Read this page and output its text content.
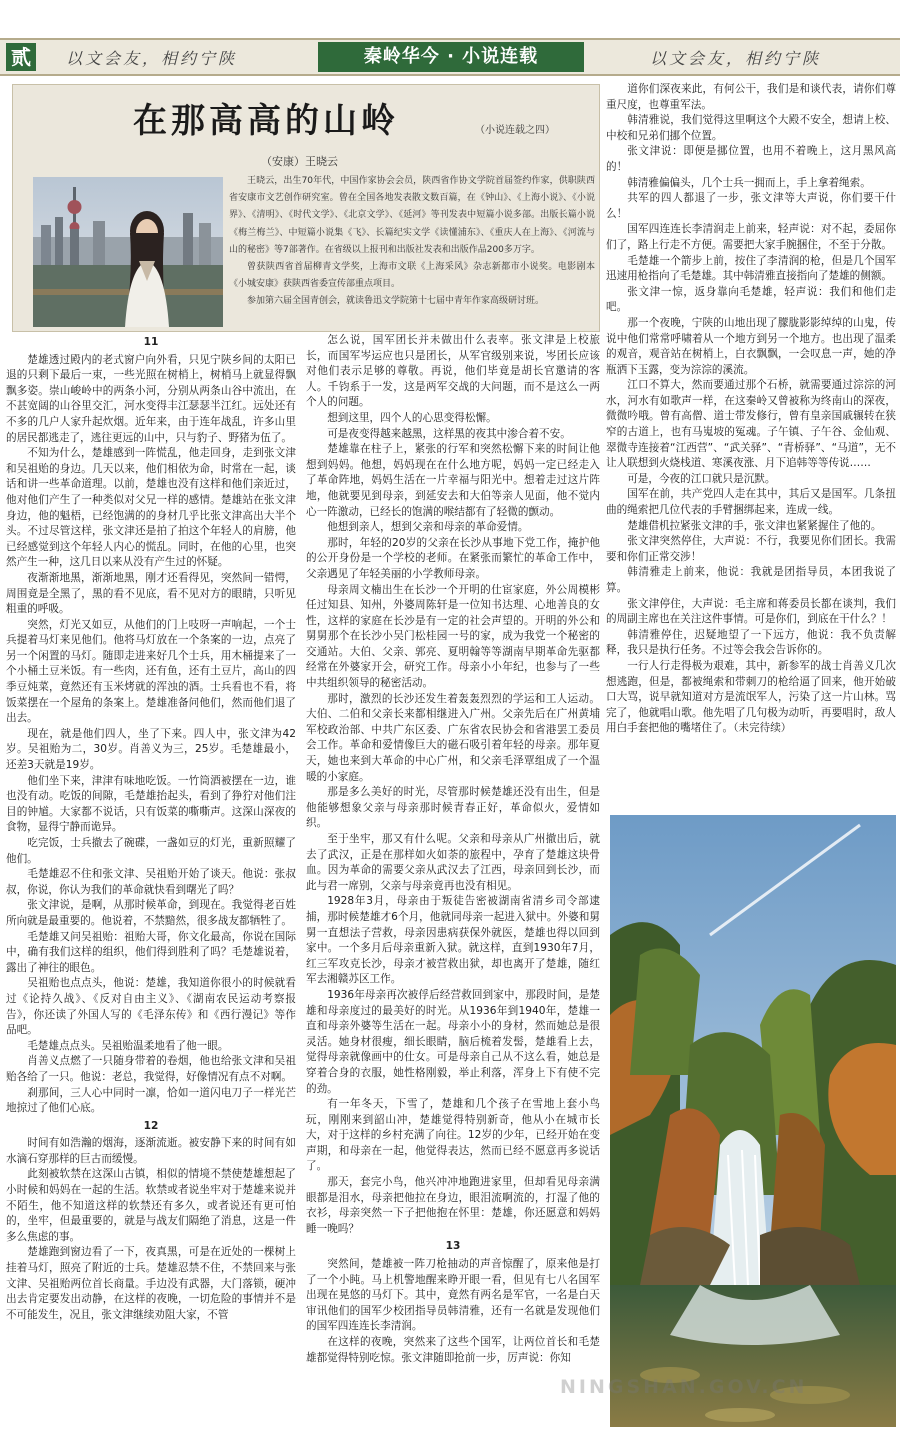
贰	以文会友，相约宁陕	秦岭华今 · 小说连载	以文会友，相约宁陕
在那高高的山岭	（小说连载之四）
（安康）王晓云

王晓云，出生70年代，中国作家协会会员，陕西省作协文学院首届签约作家，供职陕西省安康市文艺创作研究室。曾在全国各地发表散文数百篇，在《钟山》、《上海小说》、《小说界》、《清明》、《时代文学》、《北京文学》、《延河》等刊发表中短篇小说多部。出版长篇小说《梅兰梅兰》、中短篇小说集《飞》、长篇纪实文学《读懂浦东》、《重庆人在上海》、《河流与山的秘密》等7部著作。在省级以上报刊和出版社发表和出版作品200多万字。

曾获陕西省首届柳青文学奖，上海市文联《上海采风》杂志新都市小说奖。电影剧本《小城安康》获陕西省委宣传部重点项目。

参加第六届全国青创会，就读鲁迅文学院第十七届中青年作家高级研讨班。

11

楚雄透过殿内的老式窗户向外看，只见宁陕乡间的太阳已退的只剩下最后一束，一些光照在树梢上，树梢马上就显得飘飘多姿。崇山峻岭中的两条小河，分别从两条山谷中流出，在不甚宽阔的山谷里交汇，河水变得丰江瑟瑟半江红。远处还有不多的几户人家升起炊烟。近年来，由于连年战乱，许多山里的居民都逃走了，逃往更远的山中，只与豹子、野猪为伍了。

不知为什么，楚雄感到一阵慌乱，他走回身，走到张文津和吴祖贻的身边。几天以来，他们相依为命，时常在一起，谈话和讲一些革命道理。以前，楚雄也没有这样和他们亲近过，他对他们产生了一种类似对父兄一样的感情。楚雄站在张文津身边，他的魁梧，已经饱满的的身材几乎比张文津高出大半个头。不过尽管这样，张文津还是拍了拍这个年轻人的肩膀，他已经感觉到这个年轻人内心的慌乱。同时，在他的心里，也突然产生一种，这几日以来从没有产生过的怀疑。

夜渐渐地黑，渐渐地黑，刚才还看得见，突然间一错愕，周围竟是全黑了，黑的看不见底，看不见对方的眼睛，只听见粗重的呼吸。

突然，灯光又如豆，从他们的门上吱呀一声响起，一个士兵提着马灯来见他们。他将马灯放在一个条案的一边，点亮了另一个闲置的马灯。随即走进来好几个士兵，用木桶提来了一个小桶土豆米饭。有一些肉，还有鱼，还有土豆片，高山的四季豆炖菜，竟然还有玉米烤就的浑浊的酒。士兵看也不看，将饭菜摆在一个屋角的条案上。楚雄准备问他们，然而他们退了出去。

现在，就是他们四人，坐了下来。四人中，张文津为42岁。吴祖贻为二，30岁。肖善义为三，25岁。毛楚雄最小，还差3天就是19岁。

他们坐下来，津津有味地吃饭。一竹筒酒被摆在一边，谁也没有动。吃饭的间隙，毛楚雄抬起头，看到了狰狞对他们注目的钟馗。大家都不说话，只有饭菜的嘶嘶声。这深山深夜的食物，显得宁静而诡异。

吃完饭，士兵撤去了碗碟，一盏如豆的灯光，重新照耀了他们。

毛楚雄忍不住和张文津、吴祖贻开始了谈天。他说：张叔叔，你说，你认为我们的革命就快看到曙光了吗？

张文津说，是啊，从那时候革命，到现在。我觉得老百姓所向就是最重要的。他说着，不禁黯然，很多战友都牺牲了。

毛楚雄又问吴祖贻：祖贻大哥，你文化最高，你说在国际中，确有我们这样的组织，他们得到胜利了吗？毛楚雄说着，露出了神往的眼色。

吴祖贻也点点头，他说：楚雄，我知道你很小的时候就看过《论持久战》、《反对自由主义》、《湖南农民运动考察报告》，你还读了外国人写的《毛泽东传》和《西行漫记》等作品吧。

毛楚雄点点头。吴祖贻温柔地看了他一眼。

肖善义点燃了一只随身带着的卷烟，他也给张文津和吴祖贻各给了一只。他说：老总，我觉得，好像情况有点不对啊。

刹那间，三人心中同时一凛，恰如一道闪电刀子一样光芒地掠过了他们心底。

12

时间有如浩瀚的烟海，逐渐流逝。被安静下来的时间有如水滴石穿那样的巨古而缓慢。

此刻被软禁在这深山古镇，相似的情境不禁使楚雄想起了小时候和妈妈在一起的生活。软禁或者说坐牢对于楚雄来说并不陌生，他不知道这样的软禁还有多久，或者说还有更可怕的，坐牢，但最重要的，就是与战友们隔绝了消息，这是一件多么焦虑的事。

楚雄跑到窗边看了一下，夜真黑，可是在近处的一棵树上挂着马灯，照亮了附近的士兵。楚雄忍禁不住，不禁回来与张文津、吴祖贻两位首长商量。手边没有武器，大门落锁，硬冲出去肯定要发出动静，在这样的夜晚，一切危险的事情并不是不可能发生，况且，张文津继续劝阻大家，不管

怎么说，国军团长并未做出什么表率。张文津是上校旅长，而国军岑运应也只是团长，从军官级别来说，岑团长应该对他们表示足够的尊敬。再说，他们毕竟是胡长官邀请的客人。千钧系于一发，这是两军交战的大问题，而不是这么一两个人的问题。

想到这里，四个人的心思变得松懈。

可是夜变得越来越黑，这样黑的夜其中渗合着不安。

楚雄靠在柱子上，紧张的行军和突然松懈下来的时间让他想到妈妈。他想，妈妈现在在什么地方呢，妈妈一定已经走入了革命阵地，妈妈生活在一片幸福与阳光中。想着走过这片阵地，他就要见到母亲，到延安去和大伯等亲人见面，他不觉内心一阵激动，已经长的饱满的喉结都有了轻微的颤动。

他想到亲人，想到父亲和母亲的革命爱情。

那时，年轻的20岁的父亲在长沙从事地下党工作，掩护他的公开身份是一个学校的老师。在紧张而繁忙的革命工作中，父亲遇见了年轻美丽的小学教师母亲。

母亲周文楠出生在长沙一个开明的仕宦家庭，外公周模彬任过知县、知州，外婆周陈轩是一位知书达理、心地善良的女性，这样的家庭在长沙是有一定的社会声望的。开明的外公和舅舅那个在长沙小吴门松桂园一号的家，成为我党一个秘密的交通站。大伯、父亲、郭亮、夏明翰等等湖南早期革命先驱都经常在外婆家开会，研究工作。母亲小小年纪，也参与了一些中共组织领导的秘密活动。

那时，激烈的长沙还发生着轰轰烈烈的学运和工人运动。大伯、二伯和父亲长来都相继进入广州。父亲先后在广州黄埔军校政治部、中共广东区委、广东省农民协会和省港罢工委员会工作。革命和爱情像巨大的磁石吸引着年轻的母亲。那年夏天，她也来到大革命的中心广州，和父亲毛泽覃组成了一个温暖的小家庭。

那是多么美好的时光，尽管那时候楚雄还没有出生，但是他能够想象父亲与母亲那时候青春正好，革命似火，爱情如织。

至于坐牢，那又有什么呢。父亲和母亲从广州撤出后，就去了武汉，正是在那样如火如荼的旅程中，孕育了楚雄这块骨血。因为革命的需要父亲从武汉去了江西，母亲回到长沙，而此与君一席别，父亲与母亲竟再也没有相见。

1928年3月，母亲由于叛徒告密被湖南省清乡司令部逮捕，那时候楚雄才6个月，他就同母亲一起进入狱中。外婆和舅舅一直想法子营救，母亲因患病获保外就医，楚雄也得以回到家中。一个多月后母亲重新入狱。就这样，直到1930年7月，红三军攻克长沙，母亲才被营救出狱，却也离开了楚雄，随红军去湘赣苏区工作。

1936年母亲再次被俘后经营救回到家中，那段时间，是楚雄和母亲度过的最美好的时光。从1936年到1940年，楚雄一直和母亲外婆等生活在一起。母亲小小的身材，然而她总是很灵活。她身材很瘦，细长眼睛，脑后梳着发髻，楚雄看上去，觉得母亲就像画中的仕女。可是母亲自己从不这么看，她总是穿着合身的衣服，她性格刚毅，举止利落，浑身上下有使不完的劲。

有一年冬天，下雪了，楚雄和几个孩子在雪地上套小鸟玩，刚刚来到韶山冲，楚雄觉得特别新奇，他从小在城市长大，对于这样的乡村充满了向往。12岁的少年，已经开始在变声期，和母亲在一起，他觉得表达，然而已经不愿意再多说话了。

那天，套完小鸟，他兴冲冲地跑进家里，但却看见母亲满眼都是泪水，母亲把他拉在身边，眼泪流啊流的，打湿了他的衣衫，母亲突然一下子把他抱在怀里：楚雄，你还愿意和妈妈睡一晚吗？

13

突然间，楚雄被一阵刀枪抽动的声音惊醒了，原来他是打了一个小盹。马上机警地醒来睁开眼一看，但见有七八名国军出现在晃悠的马灯下。其中，竟然有两名是军官，一名是白天审讯他们的国军少校团指导员韩清雅，还有一名就是发现他们的国军四连连长李清润。

在这样的夜晚，突然来了这些个国军，让两位首长和毛楚雄都觉得特别吃惊。张文津随即抢前一步，厉声说：你知

道你们深夜来此，有何公干，我们是和谈代表，请你们尊重尺度，也尊重军法。

韩清雅说，我们觉得这里啊这个大殿不安全，想请上校、中校和兄弟们挪个位置。

张文津说：即便是挪位置，也用不着晚上，这月黑风高的！

韩清雅偏偏头，几个士兵一拥而上，手上拿着绳索。

共军的四人都退了一步，张文津等大声说，你们要干什么！

国军四连连长李清润走上前来，轻声说：对不起，委屈你们了，路上行走不方便。需要把大家手腕捆住，不至于分散。

毛楚雄一个箭步上前，按住了李清润的枪，但是几个国军迅速用枪指向了毛楚雄。其中韩清雅直接指向了楚雄的侧额。

张文津一惊，返身靠向毛楚雄，轻声说：我们和他们走吧。

那一个夜晚，宁陕的山地出现了朦胧影影绰绰的山鬼，传说中他们常常呼啸着从一个地方到另一个地方。也出现了温柔的观音，观音站在树梢上，白衣飘飘，一会叹息一声，她的净瓶洒下玉露，变为淙淙的溪流。

江口不算大，然而要通过那个石桥，就需要通过淙淙的河水，河水有如歌声一样，在这秦岭又曾被称为终南山的深夜，微微吟哦。曾有高僧、道士带发修行，曾有皇亲国戚辗转在狭窄的古道上，也有马嵬坡的冤魂。子午镇、子午谷、金仙观、翠微寺连接着“江西营”、“武关驿”、“青桥驿”、“马道”，无不让人联想到火烧栈道、寒溪夜涨、月下追韩等等传说……

可是，今夜的江口就只是沉默。

国军在前，共产党四人走在其中，其后又是国军。几条扭曲的绳索把几位代表的手臂捆绑起来，连成一线。

楚雄借机拉紧张文津的手，张文津也紧紧握住了他的。

张文津突然停住，大声说：不行，我要见你们团长。我需要和你们正常交涉！

韩清雅走上前来，他说：我就是团指导员，本团我说了算。

张文津停住，大声说：毛主席和蒋委员长都在谈判，我们的周副主席也在关注这件事情。可是你们，到底在干什么？！

韩清雅停住，迟疑地望了一下远方，他说：我不负责解释，我只是执行任务。不过等会我会告诉你的。

一行人行走得极为艰难，其中，新参军的战士肖善义几次想逃跑，但是，都被绳索和带刺刀的枪给逼了回来，他开始破口大骂，说早就知道对方是流氓军人，污染了这一片山林。骂完了，他就唱山歌。他先唱了几句极为动听，再要唱时，敌人用白手套把他的嘴堵住了。（未完待续）

NINGSHAN.GOV.CN
